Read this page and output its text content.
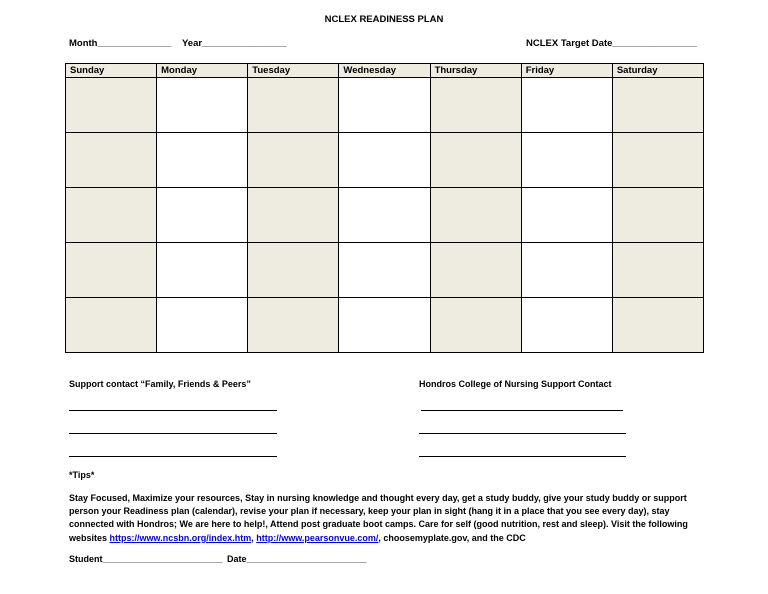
NCLEX READINESS PLAN
Month______________ Year________________	NCLEX Target Date________________
Sunday	Monday	Tuesday	Wednesday	Thursday	Friday	Saturday

Support contact “Family, Friends & Peers”	Hondros College of Nursing Support Contact
*Tips*
Stay Focused, Maximize your resources, Stay in nursing knowledge and thought every day, get a study buddy, give your study buddy or support person your Readiness plan (calendar), revise your plan if necessary, keep your plan in sight (hang it in a place that you see every day), stay connected with Hondros; We are here to help!, Attend post graduate boot camps. Care for self (good nutrition, rest and sleep). Visit the following websites https://www.ncsbn.org/index.htm, http://www.pearsonvue.com/, choosemyplate.gov, and the CDC
Student________________________ Date________________________
